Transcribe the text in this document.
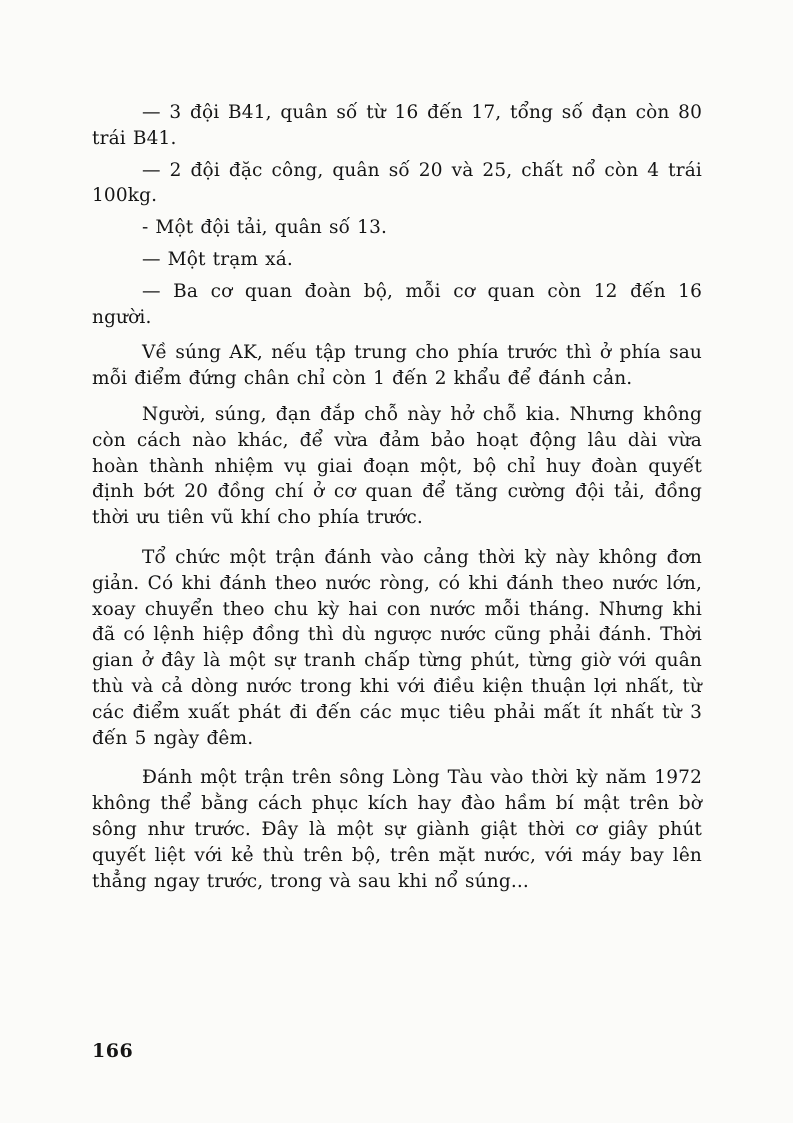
— 3 đội B41, quân số từ 16 đến 17, tổng số đạn còn 80 trái B41.

— 2 đội đặc công, quân số 20 và 25, chất nổ còn 4 trái 100kg.

- Một đội tải, quân số 13.

— Một trạm xá.

— Ba cơ quan đoàn bộ, mỗi cơ quan còn 12 đến 16 người.

Về súng AK, nếu tập trung cho phía trước thì ở phía sau mỗi điểm đứng chân chỉ còn 1 đến 2 khẩu để đánh cản.

Người, súng, đạn đắp chỗ này hở chỗ kia. Nhưng không còn cách nào khác, để vừa đảm bảo hoạt động lâu dài vừa hoàn thành nhiệm vụ giai đoạn một, bộ chỉ huy đoàn quyết định bớt 20 đồng chí ở cơ quan để tăng cường đội tải, đồng thời ưu tiên vũ khí cho phía trước.

Tổ chức một trận đánh vào cảng thời kỳ này không đơn giản. Có khi đánh theo nước ròng, có khi đánh theo nước lớn, xoay chuyển theo chu kỳ hai con nước mỗi tháng. Nhưng khi đã có lệnh hiệp đồng thì dù ngược nước cũng phải đánh. Thời gian ở đây là một sự tranh chấp từng phút, từng giờ với quân thù và cả dòng nước trong khi với điều kiện thuận lợi nhất, từ các điểm xuất phát đi đến các mục tiêu phải mất ít nhất từ 3 đến 5 ngày đêm.

Đánh một trận trên sông Lòng Tàu vào thời kỳ năm 1972 không thể bằng cách phục kích hay đào hầm bí mật trên bờ sông như trước. Đây là một sự giành giật thời cơ giây phút quyết liệt với kẻ thù trên bộ, trên mặt nước, với máy bay lên thẳng ngay trước, trong và sau khi nổ súng...

166
